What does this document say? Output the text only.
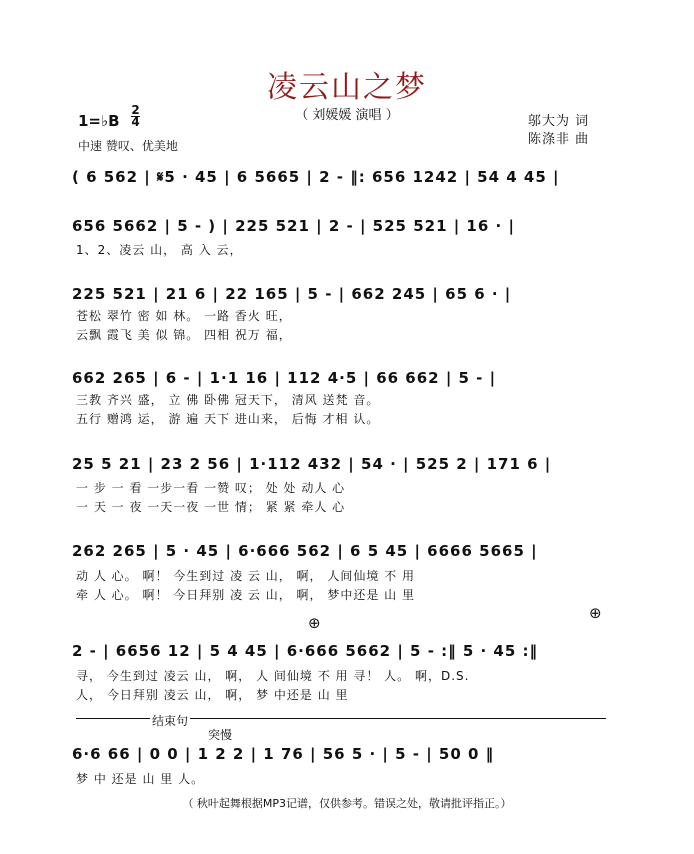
凌云山之梦
（ 刘媛媛 演唱 ）
1=♭B
2
4
中速 赞叹、优美地
邬大为 词
陈涤非 曲
( 6 562 | 𝄋5 · 45 | 6 5665 | 2 - ‖: 656 1242 | 54 4 45 |
656 5662 | 5 - ) | 225 521 | 2 - | 525 521 | 16 · |
1、2、凌云 山， 高 入 云，
225 521 | 21 6 | 22 165 | 5 - | 662 245 | 65 6 · |
苍松 翠竹 密 如 林。 一路 香火 旺，
云飘 霞飞 美 似 锦。 四相 祝万 福，
662 265 | 6 - | 1·1 16 | 112 4·5 | 66 662 | 5 - |
三教 齐兴 盛， 立 佛 卧佛 冠天下， 清风 送梵 音。
五行 赠鸿 运， 游 遍 天下 进山来， 后悔 才相 认。
25 5 21 | 23 2 56 | 1·112 432 | 54 · | 525 2 | 171 6 |
一 步 一 看 一步一看 一赞 叹； 处 处 动人 心
一 天 一 夜 一天一夜 一世 情； 紧 紧 牵人 心
262 265 | 5 · 45 | 6·666 562 | 6 5 45 | 6666 5665 |
动 人 心。 啊！ 今生到过 凌 云 山， 啊， 人间仙境 不 用
牵 人 心。 啊！ 今日拜别 凌 云 山， 啊， 梦中还是 山 里
⊕
⊕
2 - | 6656 12 | 5 4 45 | 6·666 5662 | 5 - :‖ 5 · 45 :‖
寻， 今生到过 凌云 山， 啊， 人 间仙境 不 用 寻！ 人。 啊，D.S.
人， 今日拜别 凌云 山， 啊， 梦 中还是 山 里
结束句
突慢
6·6 66 | 0 0 | 1 2 2 | 1 76 | 56 5 · | 5 - | 50 0 ‖
梦 中 还是 山 里 人。
（ 秋叶起舞根据MP3记谱，仅供参考。错误之处，敬请批评指正。）
